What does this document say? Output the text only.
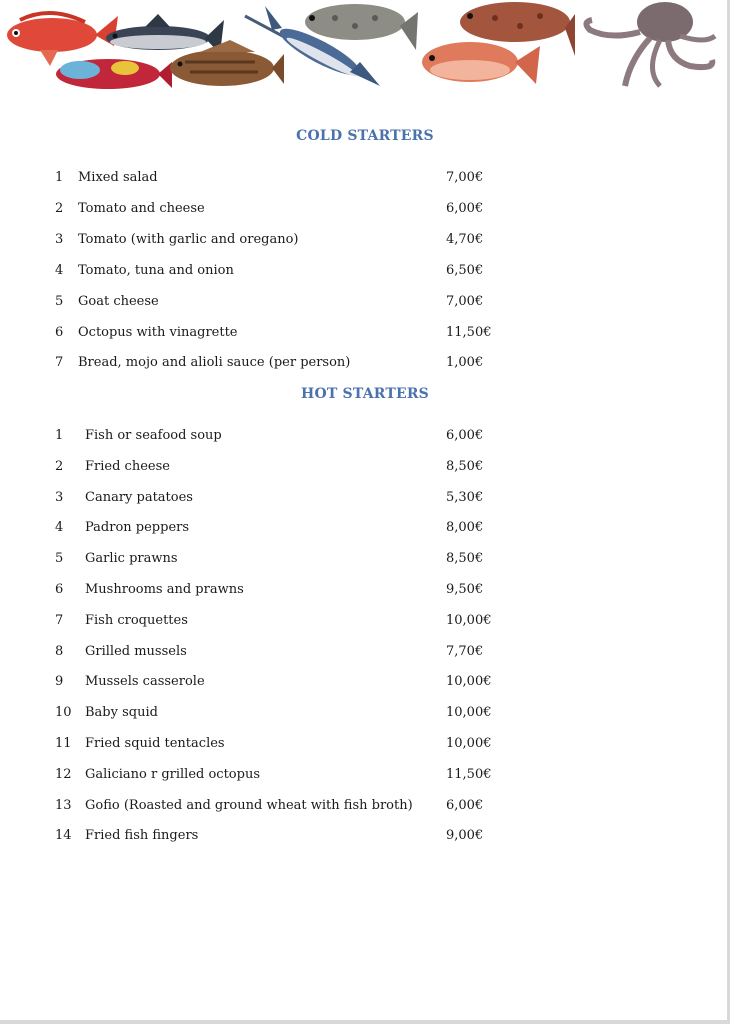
COLD STARTERS
1	Mixed salad	7,00€
2	Tomato and cheese	6,00€
3	Tomato (with garlic and oregano)	4,70€
4	Tomato, tuna and onion	6,50€
5	Goat cheese	7,00€
6	Octopus with vinagrette	11,50€
7	Bread, mojo and alioli sauce (per person)	1,00€
HOT STARTERS
1	Fish or seafood soup	6,00€
2	Fried cheese	8,50€
3	Canary patatoes	5,30€
4	Padron peppers	8,00€
5	Garlic prawns	8,50€
6	Mushrooms and prawns	9,50€
7	Fish croquettes	10,00€
8	Grilled mussels	7,70€
9	Mussels casserole	10,00€
10 Baby squid	10,00€
11 Fried squid tentacles	10,00€
12 Galiciano r grilled octopus	11,50€
13 Gofio (Roasted and ground wheat with fish broth)	6,00€
14 Fried fish fingers	9,00€
